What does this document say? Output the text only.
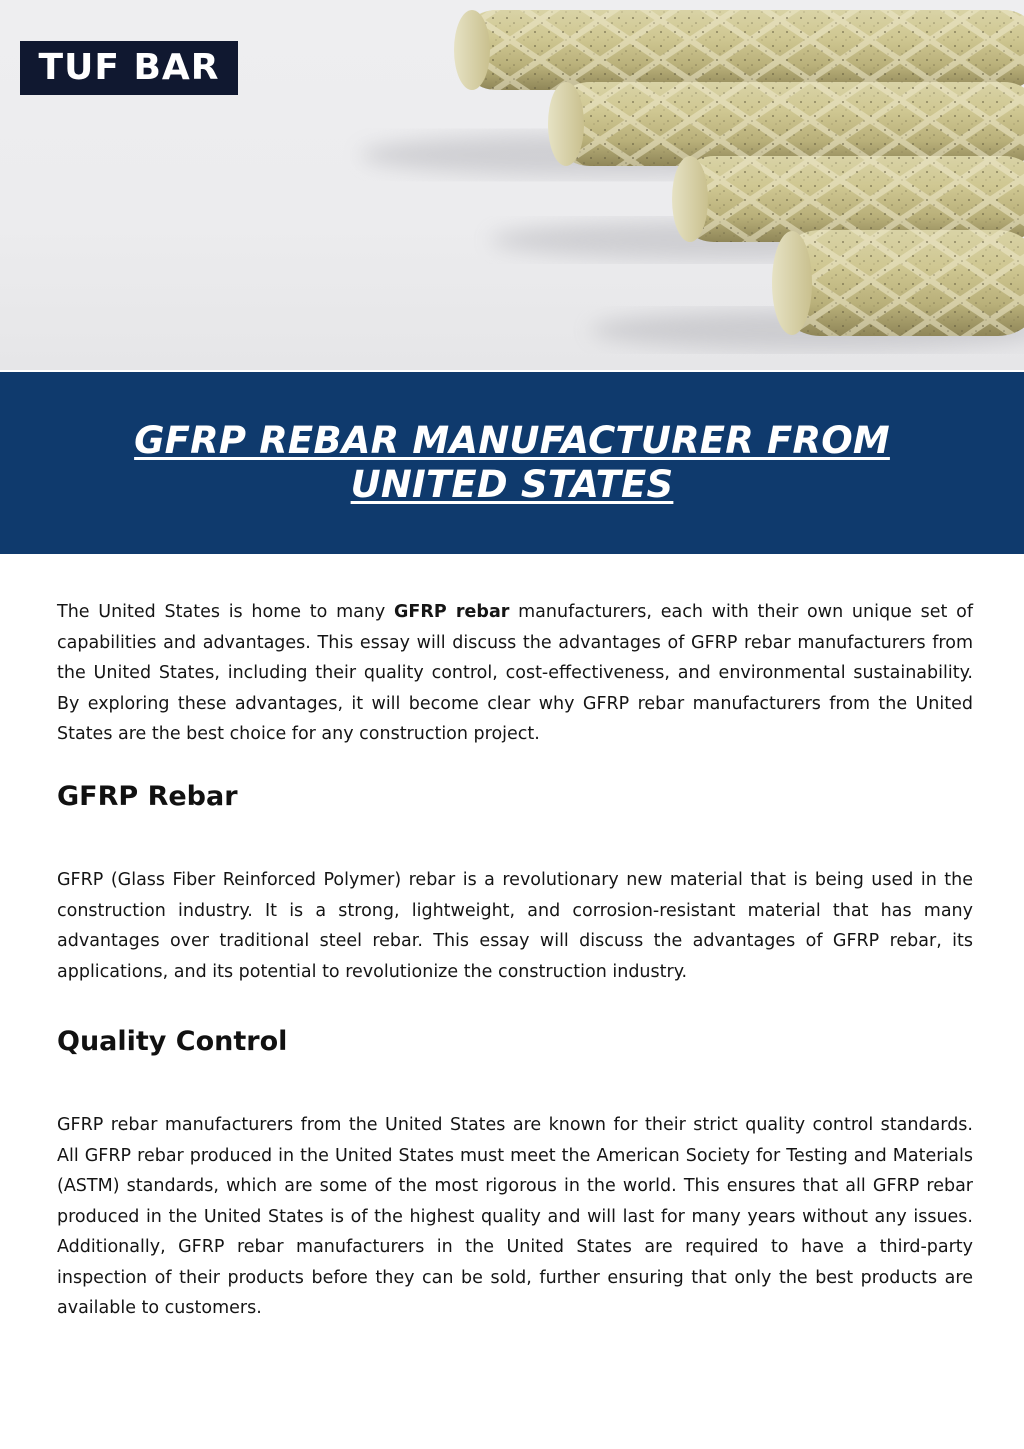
TUF BAR
GFRP REBAR MANUFACTURER FROM
UNITED STATES

The United States is home to many GFRP rebar manufacturers, each with their own unique set of capabilities and advantages. This essay will discuss the advantages of GFRP rebar manufacturers from the United States, including their quality control, cost-effectiveness, and environmental sustainability. By exploring these advantages, it will become clear why GFRP rebar manufacturers from the United States are the best choice for any construction project.

GFRP Rebar

GFRP (Glass Fiber Reinforced Polymer) rebar is a revolutionary new material that is being used in the construction industry. It is a strong, lightweight, and corrosion-resistant material that has many advantages over traditional steel rebar. This essay will discuss the advantages of GFRP rebar, its applications, and its potential to revolutionize the construction industry.

Quality Control

GFRP rebar manufacturers from the United States are known for their strict quality control standards. All GFRP rebar produced in the United States must meet the American Society for Testing and Materials (ASTM) standards, which are some of the most rigorous in the world. This ensures that all GFRP rebar produced in the United States is of the highest quality and will last for many years without any issues. Additionally, GFRP rebar manufacturers in the United States are required to have a third-party inspection of their products before they can be sold, further ensuring that only the best products are available to customers.
